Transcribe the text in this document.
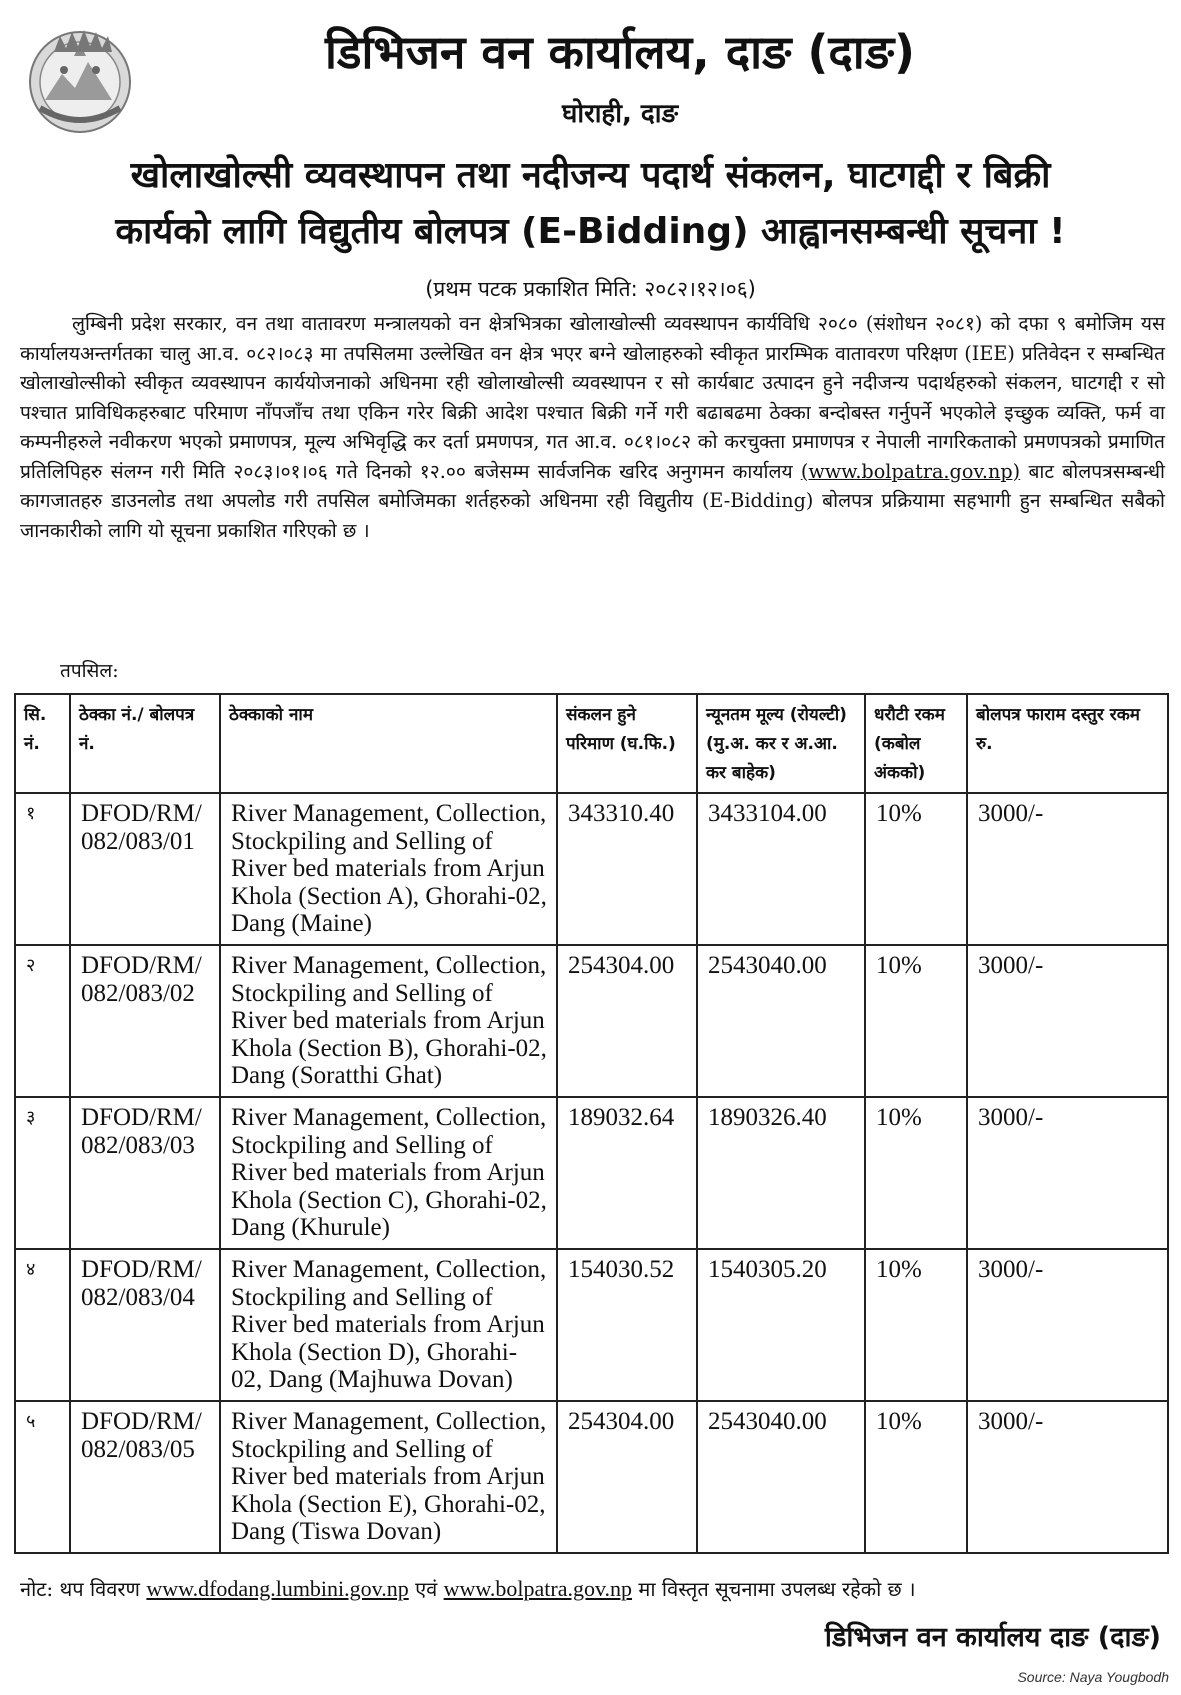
डिभिजन वन कार्यालय, दाङ (दाङ)
घोराही, दाङ
खोलाखोल्सी व्यवस्थापन तथा नदीजन्य पदार्थ संकलन, घाटगद्दी र बिक्री
कार्यको लागि विद्युतीय बोलपत्र (E-Bidding) आह्वानसम्बन्धी सूचना !
(प्रथम पटक प्रकाशित मिति: २०८२।१२।०६)
लुम्बिनी प्रदेश सरकार, वन तथा वातावरण मन्त्रालयको वन क्षेत्रभित्रका खोलाखोल्सी व्यवस्थापन कार्यविधि २०८० (संशोधन २०८१) को दफा ९ बमोजिम यस कार्यालयअन्तर्गतका चालु आ.व. ०८२।०८३ मा तपसिलमा उल्लेखित वन क्षेत्र भएर बग्ने खोलाहरुको स्वीकृत प्रारम्भिक वातावरण परिक्षण (IEE) प्रतिवेदन र सम्बन्धित खोलाखोल्सीको स्वीकृत व्यवस्थापन कार्ययोजनाको अधिनमा रही खोलाखोल्सी व्यवस्थापन र सो कार्यबाट उत्पादन हुने नदीजन्य पदार्थहरुको संकलन, घाटगद्दी र सो पश्चात प्राविधिकहरुबाट परिमाण नाँपजाँच तथा एकिन गरेर बिक्री आदेश पश्चात बिक्री गर्ने गरी बढाबढमा ठेक्का बन्दोबस्त गर्नुपर्ने भएकोले इच्छुक व्यक्ति, फर्म वा कम्पनीहरुले नवीकरण भएको प्रमाणपत्र, मूल्य अभिवृद्धि कर दर्ता प्रमणपत्र, गत आ.व. ०८१।०८२ को करचुक्ता प्रमाणपत्र र नेपाली नागरिकताको प्रमणपत्रको प्रमाणित प्रतिलिपिहरु संलग्न गरी मिति २०८३।०१।०६ गते दिनको १२.०० बजेसम्म सार्वजनिक खरिद अनुगमन कार्यालय (www.bolpatra.gov.np) बाट बोलपत्रसम्बन्धी कागजातहरु डाउनलोड तथा अपलोड गरी तपसिल बमोजिमका शर्तहरुको अधिनमा रही विद्युतीय (E-Bidding) बोलपत्र प्रक्रियामा सहभागी हुन सम्बन्धित सबैको जानकारीको लागि यो सूचना प्रकाशित गरिएको छ ।
तपसिल:
सि. नं.	ठेक्का नं./ बोलपत्र नं.	ठेक्काको नाम	संकलन हुने परिमाण (घ.फि.)	न्यूनतम मूल्य (रोयल्टी) (मु.अ. कर र अ.आ. कर बाहेक)	धरौटी रकम (कबोल अंकको)	बोलपत्र फाराम दस्तुर रकम रु.
१	DFOD/RM/ 082/083/01	River Management, Collection, Stockpiling and Selling of River bed materials from Arjun Khola (Section A), Ghorahi-02, Dang (Maine)	343310.40	3433104.00	10%	3000/-
२	DFOD/RM/ 082/083/02	River Management, Collection, Stockpiling and Selling of River bed materials from Arjun Khola (Section B), Ghorahi-02, Dang (Soratthi Ghat)	254304.00	2543040.00	10%	3000/-
३	DFOD/RM/ 082/083/03	River Management, Collection, Stockpiling and Selling of River bed materials from Arjun Khola (Section C), Ghorahi-02, Dang (Khurule)	189032.64	1890326.40	10%	3000/-
४	DFOD/RM/ 082/083/04	River Management, Collection, Stockpiling and Selling of River bed materials from Arjun Khola (Section D), Ghorahi-02, Dang (Majhuwa Dovan)	154030.52	1540305.20	10%	3000/-
५	DFOD/RM/ 082/083/05	River Management, Collection, Stockpiling and Selling of River bed materials from Arjun Khola (Section E), Ghorahi-02, Dang (Tiswa Dovan)	254304.00	2543040.00	10%	3000/-
नोट: थप विवरण www.dfodang.lumbini.gov.np एवं www.bolpatra.gov.np मा विस्तृत सूचनामा उपलब्ध रहेको छ ।
डिभिजन वन कार्यालय दाङ (दाङ)
Source: Naya Yougbodh
